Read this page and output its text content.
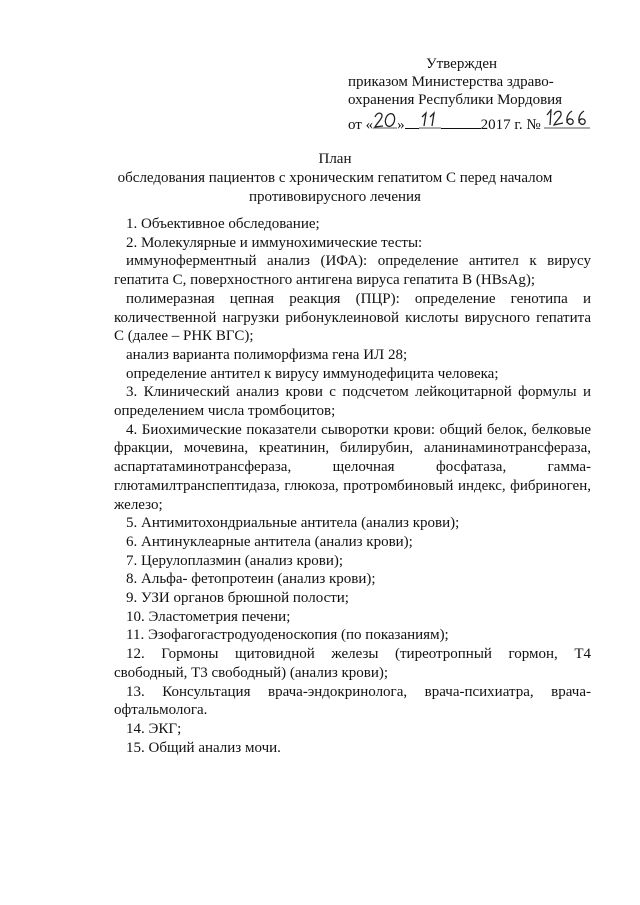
Утвержден
приказом Министерства здраво-
охранения Республики Мордовия
от « »	2017 г. №
План
обследования пациентов с хроническим гепатитом С перед началом
противовирусного лечения

1. Объективное обследование;

2. Молекулярные и иммунохимические тесты:

иммуноферментный анализ (ИФА): определение антител к вирусу гепатита С, поверхностного антигена вируса гепатита В (HBsAg);

полимеразная цепная реакция (ПЦР): определение генотипа и количественной нагрузки рибонуклеиновой кислоты вирусного гепатита С (далее – РНК ВГС);

анализ варианта полиморфизма гена ИЛ 28;

определение антител к вирусу иммунодефицита человека;

3. Клинический анализ крови с подсчетом лейкоцитарной формулы и определением числа тромбоцитов;

4. Биохимические показатели сыворотки крови: общий белок, белковые фракции, мочевина, креатинин, билирубин, аланинаминотрансфераза, аспартатаминотрансфераза, щелочная фосфатаза, гамма-глютамилтранспептидаза, глюкоза, протромбиновый индекс, фибриноген, железо;

5. Антимитохондриальные антитела (анализ крови);

6. Антинуклеарные антитела (анализ крови);

7. Церулоплазмин (анализ крови);

8. Альфа- фетопротеин (анализ крови);

9. УЗИ органов брюшной полости;

10. Эластометрия печени;

11. Эзофагогастродуоденоскопия (по показаниям);

12. Гормоны щитовидной железы (тиреотропный гормон, Т4 свободный, Т3 свободный) (анализ крови);

13. Консультация врача-эндокринолога, врача-психиатра, врача-офтальмолога.

14. ЭКГ;

15. Общий анализ мочи.
